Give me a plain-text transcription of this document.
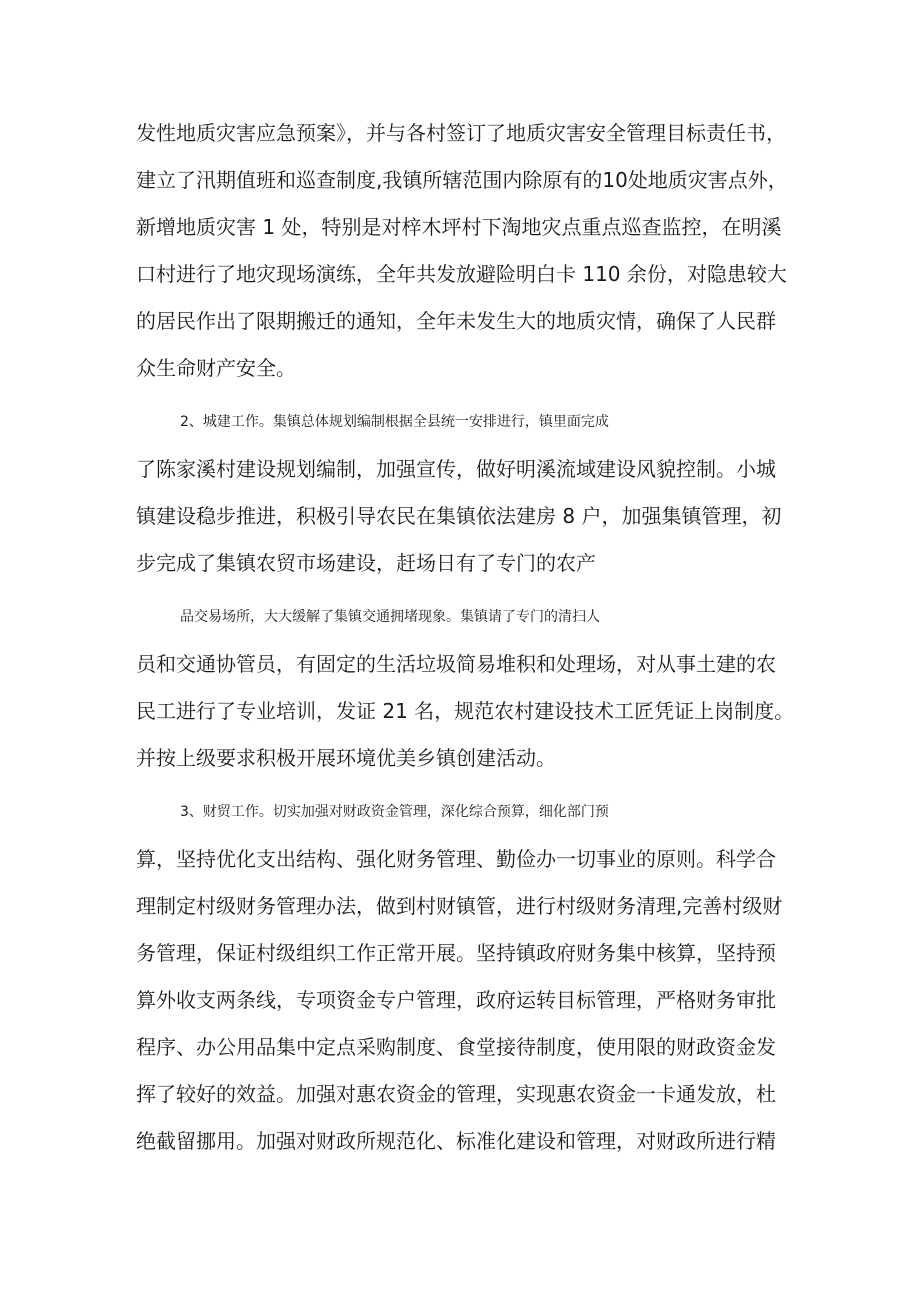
发性地质灾害应急预案》，并与各村签订了地质灾害安全管理目标责任书，
建立了汛期值班和巡查制度,我镇所辖范围内除原有的10处地质灾害点外，
新增地质灾害 1 处，特别是对梓木坪村下淘地灾点重点巡查监控，在明溪
口村进行了地灾现场演练，全年共发放避险明白卡 110 余份，对隐患较大
的居民作出了限期搬迁的通知，全年未发生大的地质灾情，确保了人民群
众生命财产安全。
2、城建工作。集镇总体规划编制根据全县统一安排进行，镇里面完成
了陈家溪村建设规划编制，加强宣传，做好明溪流域建设风貌控制。小城
镇建设稳步推进，积极引导农民在集镇依法建房 8 户，加强集镇管理，初
步完成了集镇农贸市场建设，赶场日有了专门的农产
品交易场所，大大缓解了集镇交通拥堵现象。集镇请了专门的清扫人
员和交通协管员，有固定的生活垃圾简易堆积和处理场，对从事土建的农
民工进行了专业培训，发证 21 名，规范农村建设技术工匠凭证上岗制度。
并按上级要求积极开展环境优美乡镇创建活动。
3、财贸工作。切实加强对财政资金管理，深化综合预算，细化部门预
算，坚持优化支出结构、强化财务管理、勤俭办一切事业的原则。科学合
理制定村级财务管理办法，做到村财镇管，进行村级财务清理,完善村级财
务管理，保证村级组织工作正常开展。坚持镇政府财务集中核算，坚持预
算外收支两条线，专项资金专户管理，政府运转目标管理，严格财务审批
程序、办公用品集中定点采购制度、食堂接待制度，使用限的财政资金发
挥了较好的效益。加强对惠农资金的管理，实现惠农资金一卡通发放，杜
绝截留挪用。加强对财政所规范化、标准化建设和管理，对财政所进行精
